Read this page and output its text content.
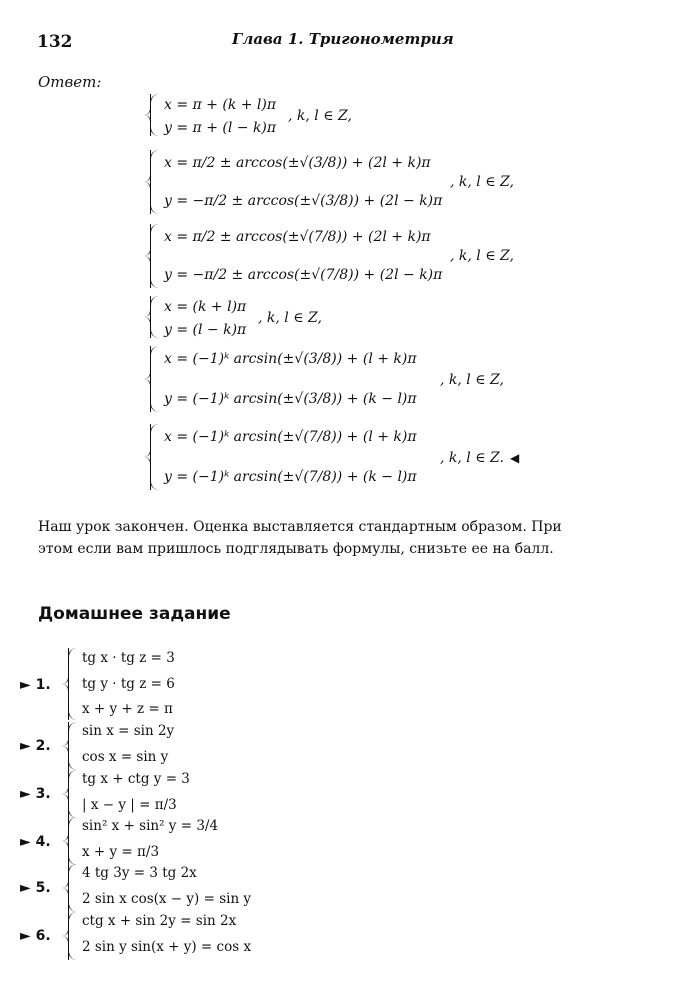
132	Глава 1. Тригонометрия
Ответ:
x = π + (k + l)π
y = π + (l − k)π
, k, l ∈ Z,
x = π/2 ± arccos(±√(3/8)) + (2l + k)π
y = −π/2 ± arccos(±√(3/8)) + (2l − k)π
, k, l ∈ Z,
x = π/2 ± arccos(±√(7/8)) + (2l + k)π
y = −π/2 ± arccos(±√(7/8)) + (2l − k)π
, k, l ∈ Z,
x = (k + l)π
y = (l − k)π
, k, l ∈ Z,
x = (−1)ᵏ arcsin(±√(3/8)) + (l + k)π
y = (−1)ᵏ arcsin(±√(3/8)) + (k − l)π
, k, l ∈ Z,
x = (−1)ᵏ arcsin(±√(7/8)) + (l + k)π
y = (−1)ᵏ arcsin(±√(7/8)) + (k − l)π
, k, l ∈ Z. ◀
Наш урок закончен. Оценка выставляется стандартным образом. При
этом если вам пришлось подглядывать формулы, снизьте ее на балл.
Домашнее задание
► 1.
tg x · tg z = 3
tg y · tg z = 6
x + y + z = π
► 2.
sin x = sin 2y
cos x = sin y
► 3.
tg x + ctg y = 3
| x − y | = π/3
► 4.
sin² x + sin² y = 3/4
x + y = π/3
► 5.
4 tg 3y = 3 tg 2x
2 sin x cos(x − y) = sin y
► 6.
ctg x + sin 2y = sin 2x
2 sin y sin(x + y) = cos x
